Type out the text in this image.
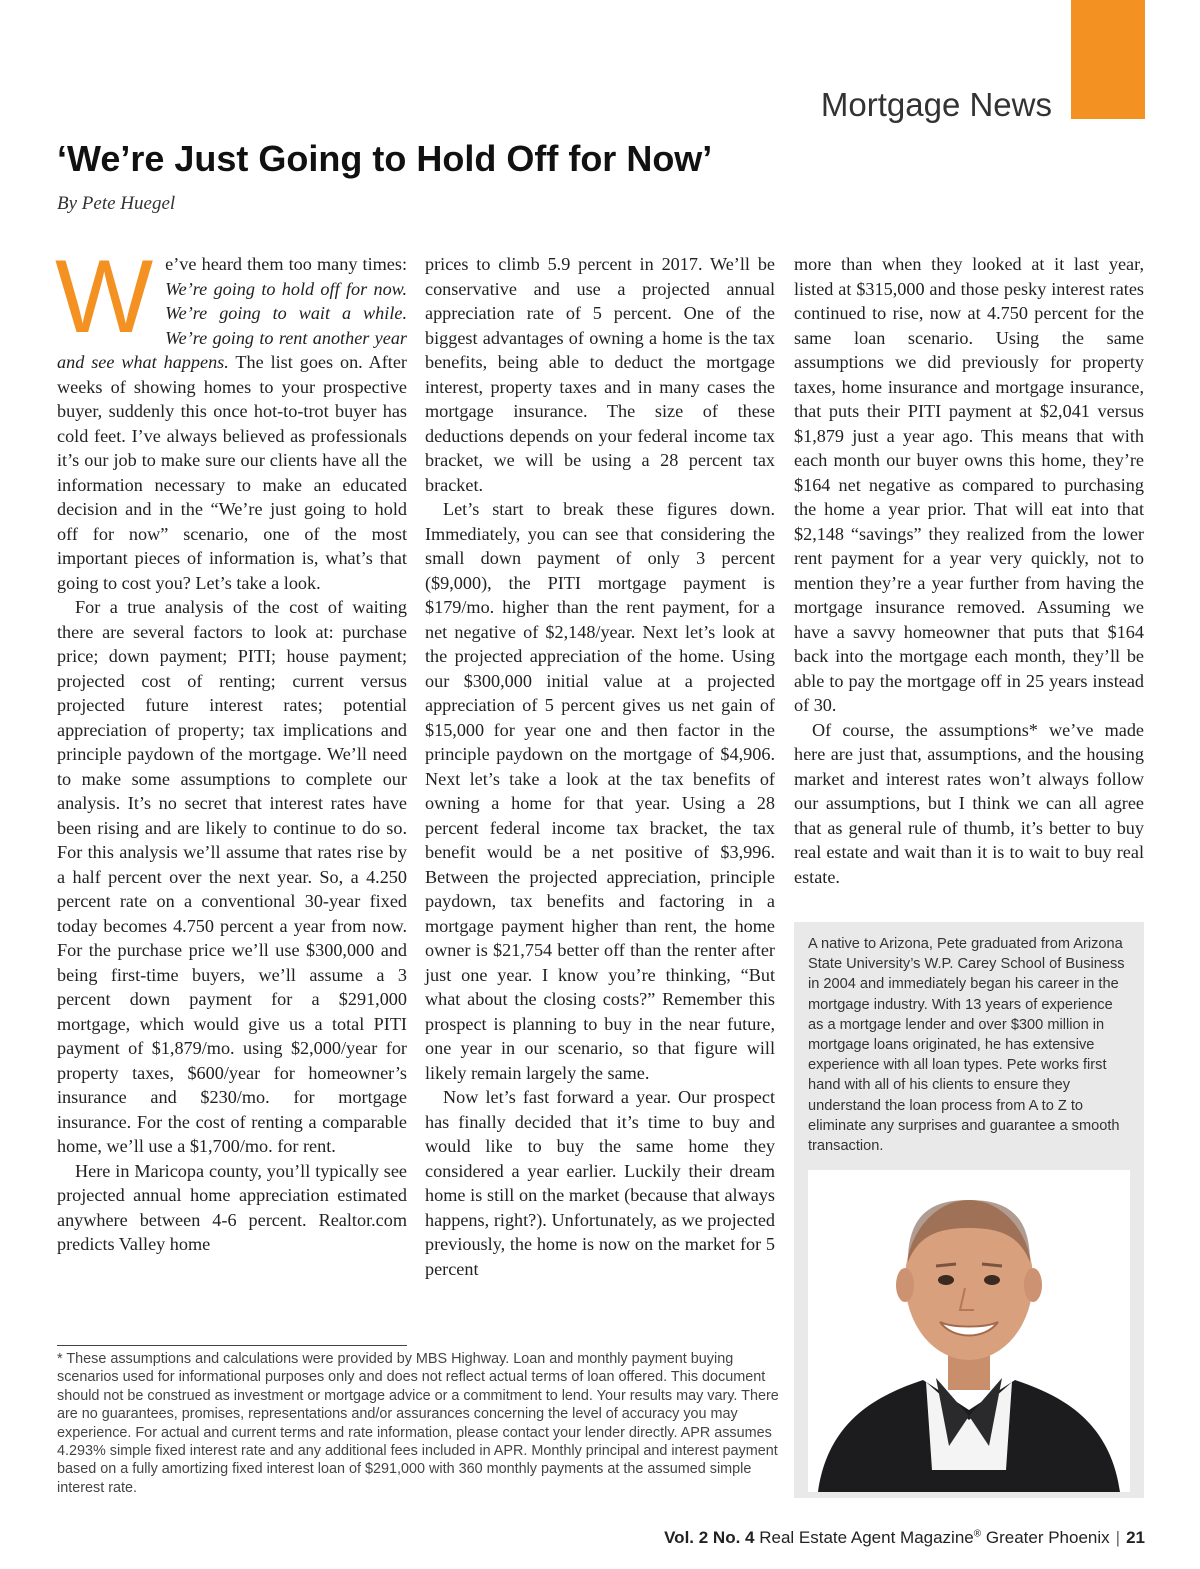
Mortgage News
‘We’re Just Going to Hold Off for Now’
By Pete Huegel

We’ve heard them too many times: We’re going to hold off for now. We’re going to wait a while. We’re going to rent another year and see what happens. The list goes on. After weeks of showing homes to your prospective buyer, suddenly this once hot-to-trot buyer has cold feet. I’ve always believed as professionals it’s our job to make sure our clients have all the information necessary to make an educated decision and in the “We’re just going to hold off for now” scenario, one of the most important pieces of information is, what’s that going to cost you? Let’s take a look.

For a true analysis of the cost of waiting there are several factors to look at: purchase price; down payment; PITI; house payment; projected cost of renting; current versus projected future interest rates; potential appreciation of property; tax implications and principle paydown of the mortgage. We’ll need to make some assumptions to complete our analysis. It’s no secret that interest rates have been rising and are likely to continue to do so. For this analysis we’ll assume that rates rise by a half percent over the next year. So, a 4.250 percent rate on a conventional 30-year fixed today becomes 4.750 percent a year from now. For the purchase price we’ll use $300,000 and being first-time buyers, we’ll assume a 3 percent down payment for a $291,000 mortgage, which would give us a total PITI payment of $1,879/mo. using $2,000/year for property taxes, $600/year for homeowner’s insurance and $230/mo. for mortgage insurance. For the cost of renting a comparable home, we’ll use a $1,700/mo. for rent.

Here in Maricopa county, you’ll typically see projected annual home appreciation estimated anywhere between 4-6 percent. Realtor.com predicts Valley home

prices to climb 5.9 percent in 2017. We’ll be conservative and use a projected annual appreciation rate of 5 percent. One of the biggest advantages of owning a home is the tax benefits, being able to deduct the mortgage interest, property taxes and in many cases the mortgage insurance. The size of these deductions depends on your federal income tax bracket, we will be using a 28 percent tax bracket.

Let’s start to break these figures down. Immediately, you can see that considering the small down payment of only 3 percent ($9,000), the PITI mortgage payment is $179/mo. higher than the rent payment, for a net negative of $2,148/year. Next let’s look at the projected appreciation of the home. Using our $300,000 initial value at a projected appreciation of 5 percent gives us net gain of $15,000 for year one and then factor in the principle paydown on the mortgage of $4,906. Next let’s take a look at the tax benefits of owning a home for that year. Using a 28 percent federal income tax bracket, the tax benefit would be a net positive of $3,996. Between the projected appreciation, principle paydown, tax benefits and factoring in a mortgage payment higher than rent, the home owner is $21,754 better off than the renter after just one year. I know you’re thinking, “But what about the closing costs?” Remember this prospect is planning to buy in the near future, one year in our scenario, so that figure will likely remain largely the same.

Now let’s fast forward a year. Our prospect has finally decided that it’s time to buy and would like to buy the same home they considered a year earlier. Luckily their dream home is still on the market (because that always happens, right?). Unfortunately, as we projected previously, the home is now on the market for 5 percent

more than when they looked at it last year, listed at $315,000 and those pesky interest rates continued to rise, now at 4.750 percent for the same loan scenario. Using the same assumptions we did previously for property taxes, home insurance and mortgage insurance, that puts their PITI payment at $2,041 versus $1,879 just a year ago. This means that with each month our buyer owns this home, they’re $164 net negative as compared to purchasing the home a year prior. That will eat into that $2,148 “savings” they realized from the lower rent payment for a year very quickly, not to mention they’re a year further from having the mortgage insurance removed. Assuming we have a savvy homeowner that puts that $164 back into the mortgage each month, they’ll be able to pay the mortgage off in 25 years instead of 30.

Of course, the assumptions* we’ve made here are just that, assumptions, and the housing market and interest rates won’t always follow our assumptions, but I think we can all agree that as general rule of thumb, it’s better to buy real estate and wait than it is to wait to buy real estate.

A native to Arizona, Pete graduated from Arizona State University’s W.P. Carey School of Business in 2004 and immediately began his career in the mortgage industry. With 13 years of experience as a mortgage lender and over $300 million in mortgage loans originated, he has extensive experience with all loan types. Pete works first hand with all of his clients to ensure they understand the loan process from A to Z to eliminate any surprises and guarantee a smooth transaction.
* These assumptions and calculations were provided by MBS Highway. Loan and monthly payment buying scenarios used for informational purposes only and does not reflect actual terms of loan offered. This document should not be construed as investment or mortgage advice or a commitment to lend. Your results may vary. There are no guarantees, promises, representations and/or assurances concerning the level of accuracy you may experience. For actual and current terms and rate information, please contact your lender directly. APR assumes 4.293% simple fixed interest rate and any additional fees included in APR. Monthly principal and interest payment based on a fully amortizing fixed interest loan of $291,000 with 360 monthly payments at the assumed simple interest rate.
Vol. 2 No. 4 Real Estate Agent Magazine® Greater Phoenix | 21
